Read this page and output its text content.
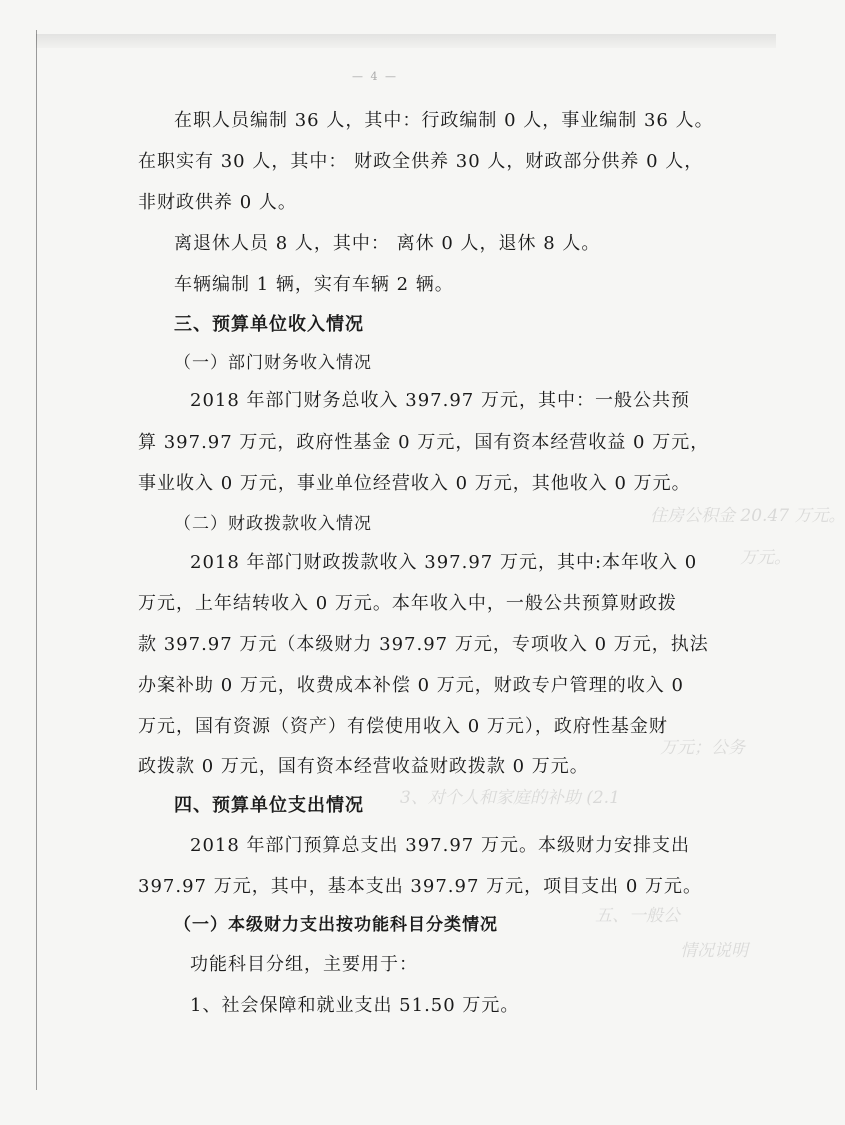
— 4 —
住房公积金 20.47 万元。
万元。
万元；公务
3、对个人和家庭的补助 (2.1
五、一般公
情况说明
在职人员编制 36 人，其中：行政编制 0 人，事业编制 36 人。
在职实有 30 人，其中： 财政全供养 30 人，财政部分供养 0 人，
非财政供养 0 人。
离退休人员 8 人，其中： 离休 0 人，退休 8 人。
车辆编制 1 辆，实有车辆 2 辆。
三、预算单位收入情况
（一）部门财务收入情况
2018 年部门财务总收入 397.97 万元，其中：一般公共预
算 397.97 万元，政府性基金 0 万元，国有资本经营收益 0 万元，
事业收入 0 万元，事业单位经营收入 0 万元，其他收入 0 万元。
（二）财政拨款收入情况
2018 年部门财政拨款收入 397.97 万元，其中:本年收入 0
万元，上年结转收入 0 万元。本年收入中，一般公共预算财政拨
款 397.97 万元（本级财力 397.97 万元，专项收入 0 万元，执法
办案补助 0 万元，收费成本补偿 0 万元，财政专户管理的收入 0
万元，国有资源（资产）有偿使用收入 0 万元），政府性基金财
政拨款 0 万元，国有资本经营收益财政拨款 0 万元。
四、预算单位支出情况
2018 年部门预算总支出 397.97 万元。本级财力安排支出
397.97 万元，其中，基本支出 397.97 万元，项目支出 0 万元。
（一）本级财力支出按功能科目分类情况
功能科目分组，主要用于：
1、社会保障和就业支出 51.50 万元。
